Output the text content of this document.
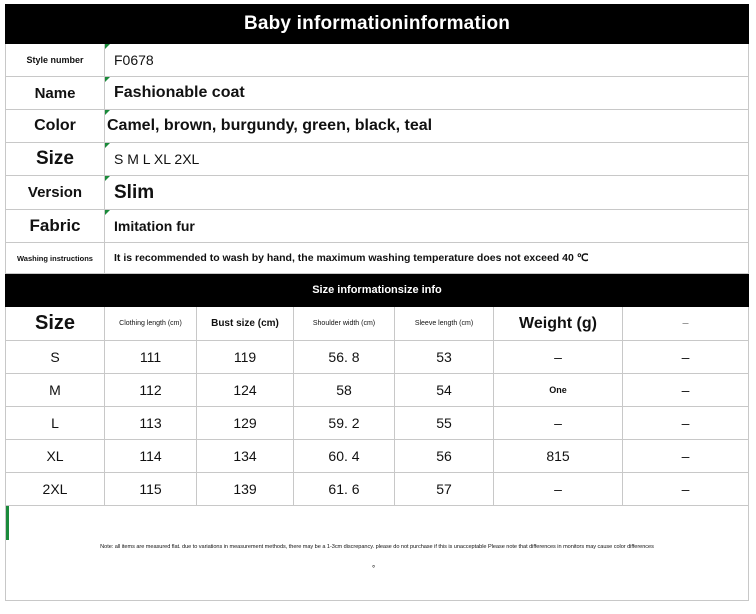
Baby informationinformation
Style number	F0678
Name	Fashionable coat
Color	Camel, brown, burgundy, green, black, teal
Size	S M L XL 2XL
Version	Slim
Fabric	Imitation fur
Washing instructions	It is recommended to wash by hand, the maximum washing temperature does not exceed 40 ℃
Size informationsize info
Size	Clothing length (cm)	Bust size (cm)	Shoulder width (cm)	Sleeve length (cm)	Weight (g)	—
S	111	119	56. 8	53	–	–
M	112	124	58	54	One	–
L	113	129	59. 2	55	–	–
XL	114	134	60. 4	56	815	–
2XL	115	139	61. 6	57	–	–
Note: all items are measured flat. due to variations in measurement methods, there may be a 1-3cm discrepancy. please do not purchase if this is unacceptable Please note that differences in monitors may cause color differences
°
